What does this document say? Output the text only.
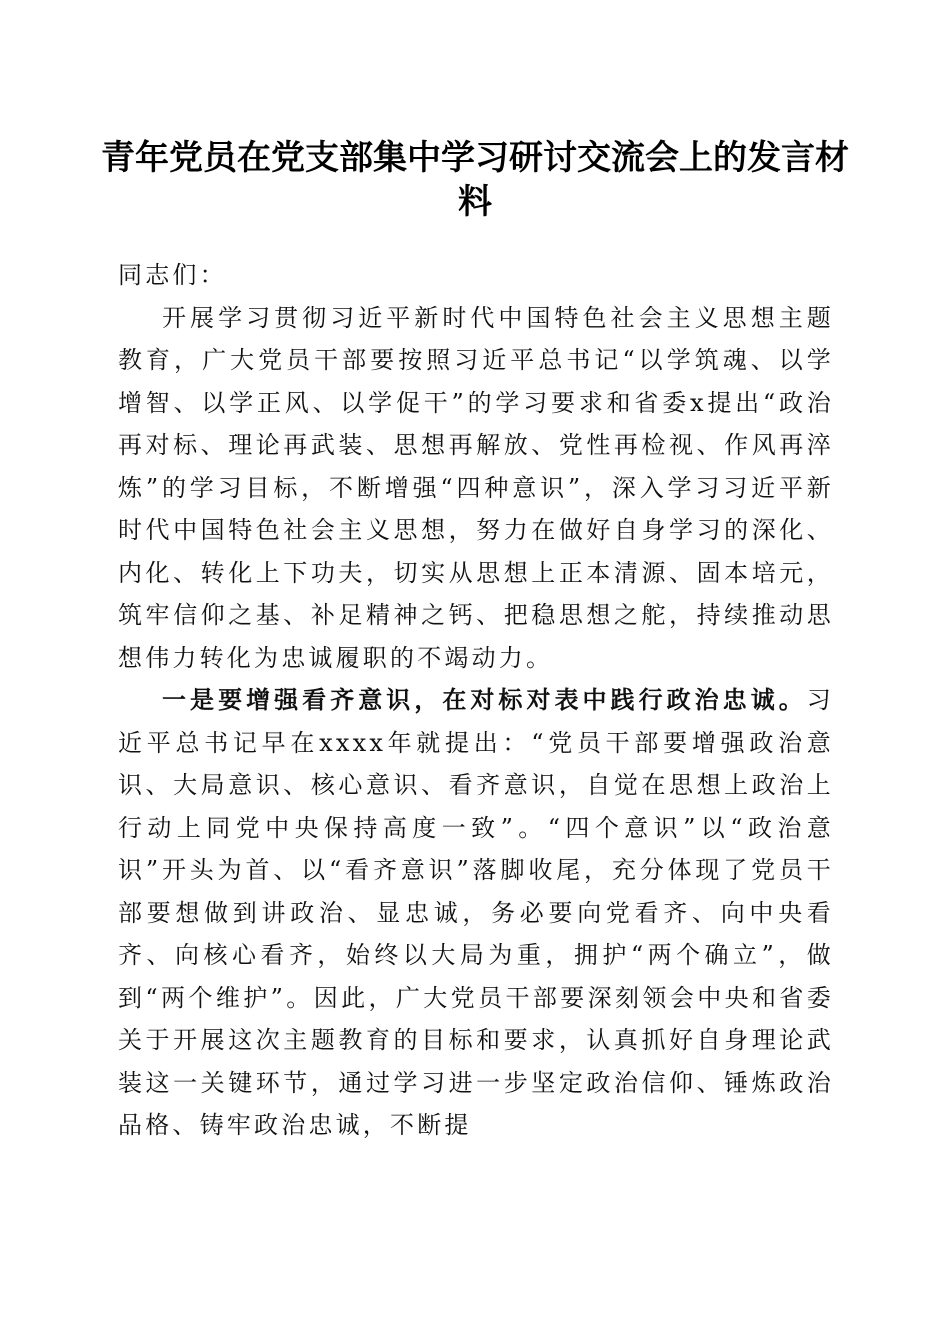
青年党员在党支部集中学习研讨交流会上的发言材料

同志们：

开展学习贯彻习近平新时代中国特色社会主义思想主题教育，广大党员干部要按照习近平总书记“以学筑魂、以学增智、以学正风、以学促干”的学习要求和省委x提出“政治再对标、理论再武装、思想再解放、党性再检视、作风再淬炼”的学习目标，不断增强“四种意识”，深入学习习近平新时代中国特色社会主义思想，努力在做好自身学习的深化、内化、转化上下功夫，切实从思想上正本清源、固本培元，筑牢信仰之基、补足精神之钙、把稳思想之舵，持续推动思想伟力转化为忠诚履职的不竭动力。

一是要增强看齐意识，在对标对表中践行政治忠诚。习近平总书记早在xxxx年就提出：“党员干部要增强政治意识、大局意识、核心意识、看齐意识，自觉在思想上政治上行动上同党中央保持高度一致”。“四个意识”以“政治意识”开头为首、以“看齐意识”落脚收尾，充分体现了党员干部要想做到讲政治、显忠诚，务必要向党看齐、向中央看齐、向核心看齐，始终以大局为重，拥护“两个确立”，做到“两个维护”。因此，广大党员干部要深刻领会中央和省委关于开展这次主题教育的目标和要求，认真抓好自身理论武装这一关键环节，通过学习进一步坚定政治信仰、锤炼政治品格、铸牢政治忠诚，不断提
